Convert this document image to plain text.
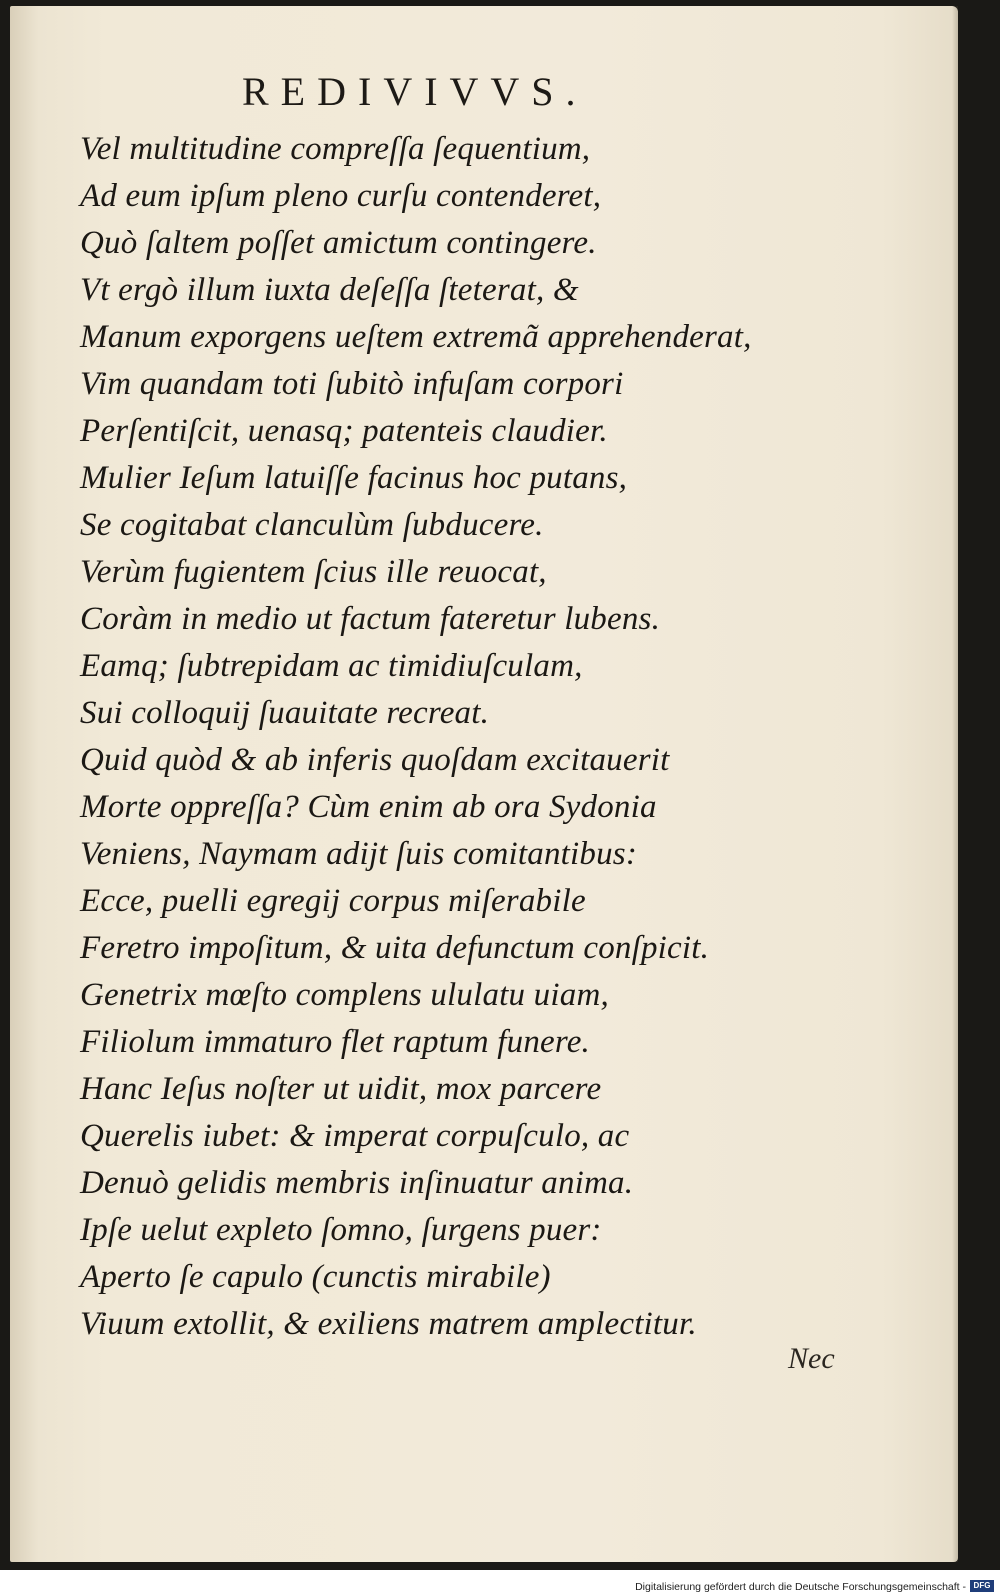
REDIVIVVS.
Vel multitudine compreſſa ſequentium,
Ad eum ipſum pleno curſu contenderet,
Quò ſaltem poſſet amictum contingere.
Vt ergò illum iuxta deſeſſa ſteterat, &
Manum exporgens ueſtem extremã apprehenderat,
Vim quandam toti ſubitò infuſam corpori
Perſentiſcit, uenasq; patenteis claudier.
Mulier Ieſum latuiſſe facinus hoc putans,
Se cogitabat clanculùm ſubducere.
Verùm fugientem ſcius ille reuocat,
Coràm in medio ut factum fateretur lubens.
Eamq; ſubtrepidam ac timidiuſculam,
Sui colloquij ſuauitate recreat.
Quid quòd & ab inferis quoſdam excitauerit
Morte oppreſſa? Cùm enim ab ora Sydonia
Veniens, Naymam adijt ſuis comitantibus:
Ecce, puelli egregij corpus miſerabile
Feretro impoſitum, & uita defunctum conſpicit.
Genetrix mœſto complens ululatu uiam,
Filiolum immaturo flet raptum funere.
Hanc Ieſus noſter ut uidit, mox parcere
Querelis iubet: & imperat corpuſculo, ac
Denuò gelidis membris inſinuatur anima.
Ipſe uelut expleto ſomno, ſurgens puer:
Aperto ſe capulo (cunctis mirabile)
Viuum extollit, & exiliens matrem amplectitur.
Nec
Digitalisierung gefördert durch die Deutsche Forschungsgemeinschaft - DFG
